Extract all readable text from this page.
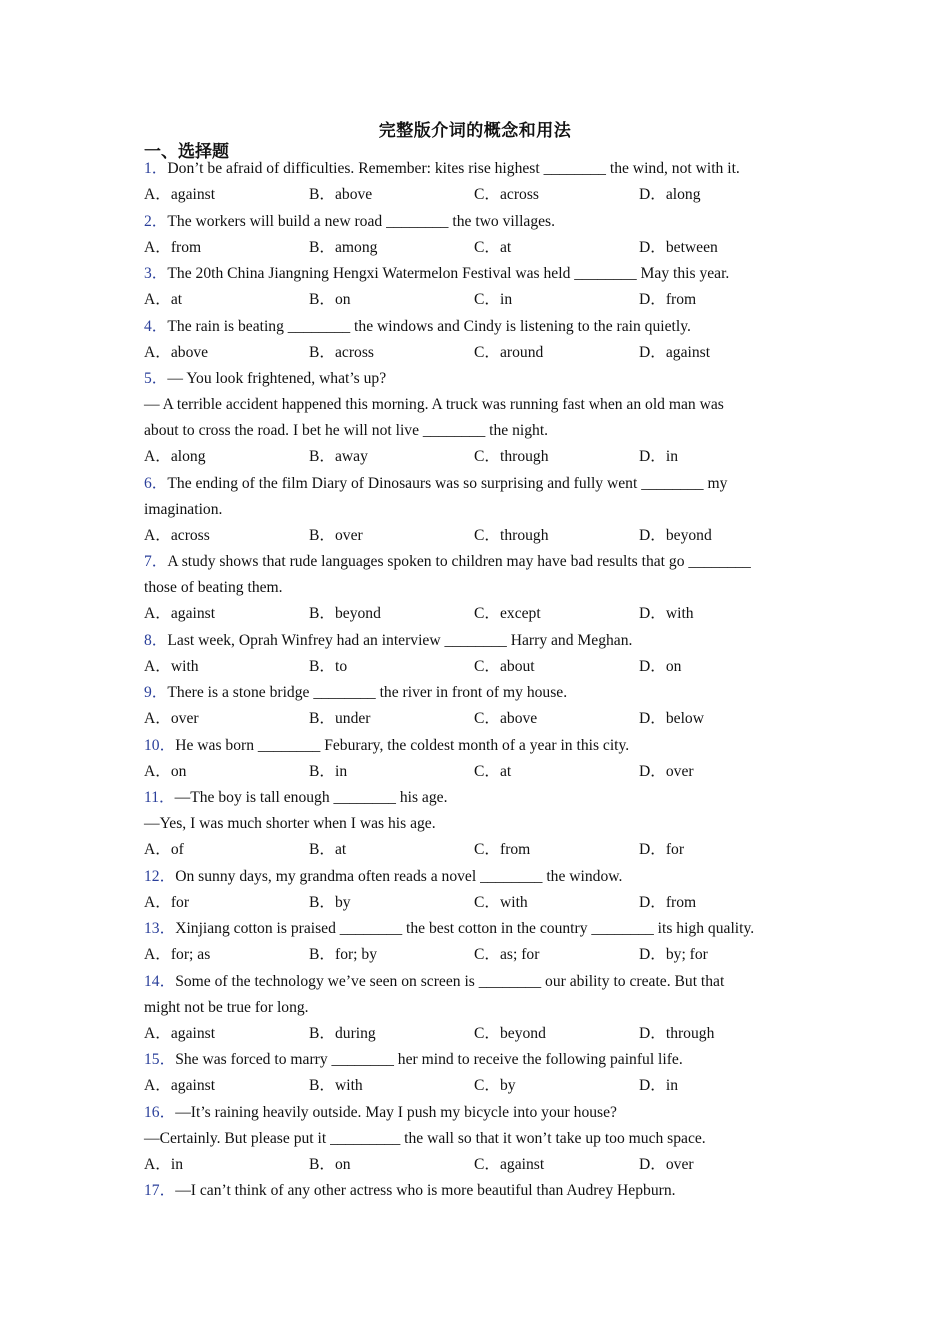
完整版介词的概念和用法
一、选择题
1．Don’t be afraid of difficulties. Remember: kites rise highest ________ the wind, not with it.
A．against	B．above	C．across	D．along
2．The workers will build a new road ________ the two villages.
A．from	B．among	C．at	D．between
3．The 20th China Jiangning Hengxi Watermelon Festival was held ________ May this year.
A．at	B．on	C．in	D．from
4．The rain is beating ________ the windows and Cindy is listening to the rain quietly.
A．above	B．across	C．around	D．against
5．— You look frightened, what’s up?
— A terrible accident happened this morning. A truck was running fast when an old man was
about to cross the road. I bet he will not live ________ the night.
A．along	B．away	C．through	D．in
6．The ending of the film Diary of Dinosaurs was so surprising and fully went ________ my
imagination.
A．across	B．over	C．through	D．beyond
7．A study shows that rude languages spoken to children may have bad results that go ________
those of beating them.
A．against	B．beyond	C．except	D．with
8．Last week, Oprah Winfrey had an interview ________ Harry and Meghan.
A．with	B．to	C．about	D．on
9．There is a stone bridge ________ the river in front of my house.
A．over	B．under	C．above	D．below
10．He was born ________ Feburary, the coldest month of a year in this city.
A．on	B．in	C．at	D．over
11．—The boy is tall enough ________ his age.
—Yes, I was much shorter when I was his age.
A．of	B．at	C．from	D．for
12．On sunny days, my grandma often reads a novel ________ the window.
A．for	B．by	C．with	D．from
13．Xinjiang cotton is praised ________ the best cotton in the country ________ its high quality.
A．for; as	B．for; by	C．as; for	D．by; for
14．Some of the technology we’ve seen on screen is ________ our ability to create. But that
might not be true for long.
A．against	B．during	C．beyond	D．through
15．She was forced to marry ________ her mind to receive the following painful life.
A．against	B．with	C．by	D．in
16．—It’s raining heavily outside. May I push my bicycle into your house?
—Certainly. But please put it _________ the wall so that it won’t take up too much space.
A．in	B．on	C．against	D．over
17．—I can’t think of any other actress who is more beautiful than Audrey Hepburn.
